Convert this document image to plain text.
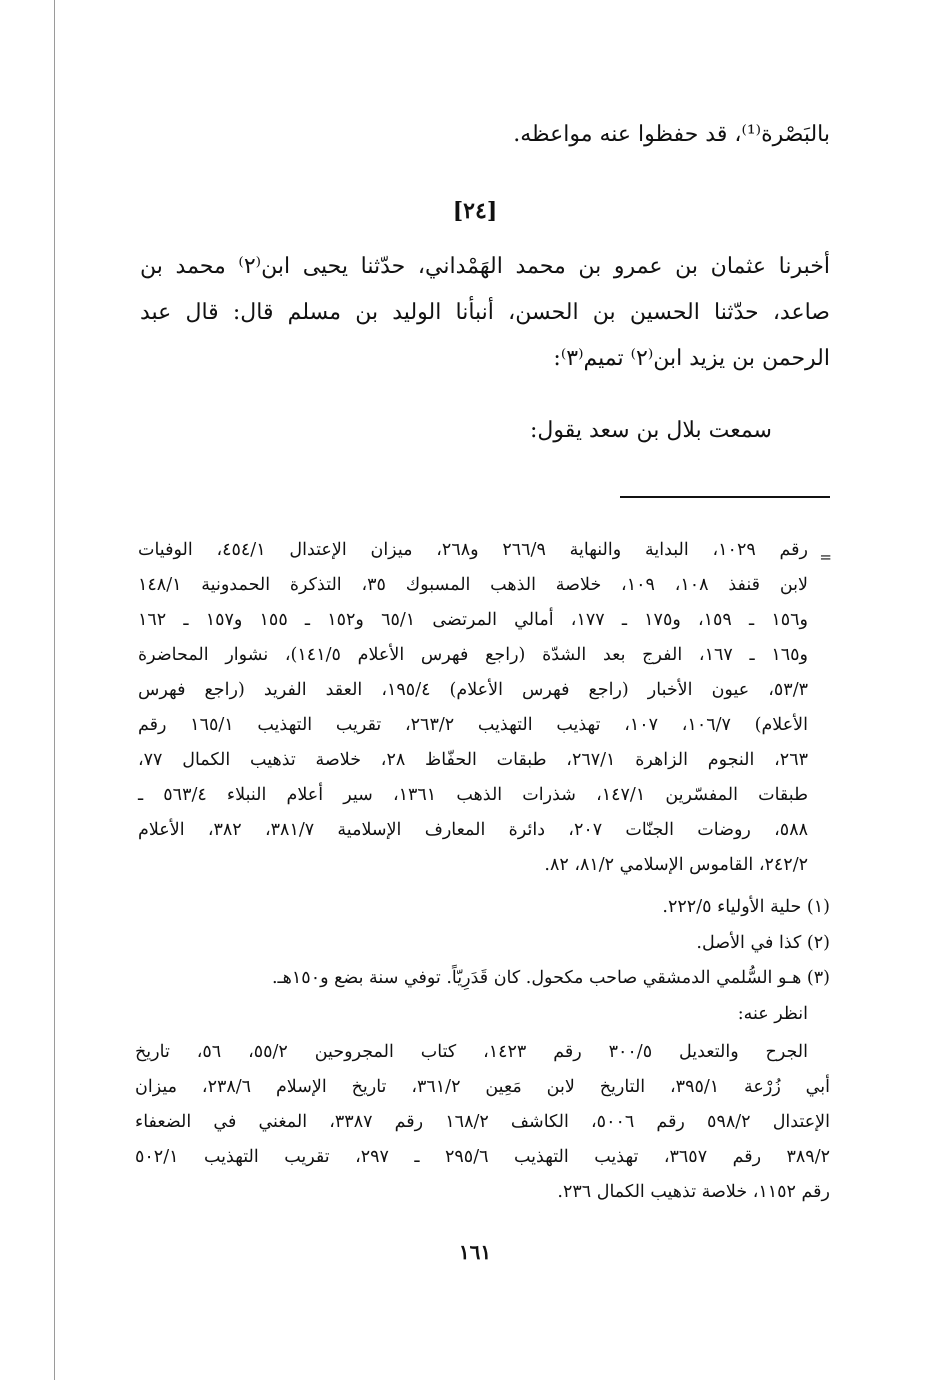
بالبَصْرة⁽¹⁾، قد حفظوا عنه مواعظه.
[٢٤]
أخبرنا عثمان بن عمرو بن محمد الهَمْداني، حدّثنا يحيى ابن⁽٢⁾ محمد بن
صاعد، حدّثنا الحسين بن الحسن، أنبأنا الوليد بن مسلم قال: قال عبد
الرحمن بن يزيد ابن⁽٢⁾ تميم⁽٣⁾:
سمعت بلال بن سعد يقول:
=
رقم ١٠٢٩، البداية والنهاية ٢٦٦/٩ و٢٦٨، ميزان الإعتدال ٤٥٤/١، الوفيات
لابن قنفذ ١٠٨، ١٠٩، خلاصة الذهب المسبوك ٣٥، التذكرة الحمدونية ١٤٨/١
و١٥٦ ـ ١٥٩، و١٧٥ ـ ١٧٧، أمالي المرتضى ٦٥/١ و١٥٢ ـ ١٥٥ و١٥٧ ـ ١٦٢
و١٦٥ ـ ١٦٧، الفرج بعد الشدّة (راجع فهرس الأعلام ١٤١/٥)، نشوار المحاضرة
٥٣/٣، عيون الأخبار (راجع فهرس الأعلام) ١٩٥/٤، العقد الفريد (راجع فهرس
الأعلام) ١٠٦/٧، ١٠٧، تهذيب التهذيب ٢٦٣/٢، تقريب التهذيب ١٦٥/١ رقم
٢٦٣، النجوم الزاهرة ٢٦٧/١، طبقات الحفّاظ ٢٨، خلاصة تذهيب الكمال ٧٧،
طبقات المفسّرين ١٤٧/١، شذرات الذهب ١٣٦١، سير أعلام النبلاء ٥٦٣/٤ ـ
٥٨٨، روضات الجنّات ٢٠٧، دائرة المعارف الإسلامية ٣٨١/٧، ٣٨٢، الأعلام
٢٤٢/٢، القاموس الإسلامي ٨١/٢، ٨٢.
(١) حلية الأولياء ٢٢٢/٥.
(٢) كذا في الأصل.
(٣) هـو السُّلمي الدمشقي صاحب مكحول. كان قَدَرِيّاً. توفي سنة بضع و١٥٠هـ.
انظر عنه:
الجرح والتعديل ٣٠٠/٥ رقم ١٤٢٣، كتاب المجروحين ٥٥/٢، ٥٦، تاريخ
أبي زُرْعة ٣٩٥/١، التاريخ لابن مَعِين ٣٦١/٢، تاريخ الإسلام ٢٣٨/٦، ميزان
الإعتدال ٥٩٨/٢ رقم ٥٠٠٦، الكاشف ١٦٨/٢ رقم ٣٣٨٧، المغني في الضعفاء
٣٨٩/٢ رقم ٣٦٥٧، تهذيب التهذيب ٢٩٥/٦ ـ ٢٩٧، تقريب التهذيب ٥٠٢/١
رقم ١١٥٢، خلاصة تذهيب الكمال ٢٣٦.
١٦١
